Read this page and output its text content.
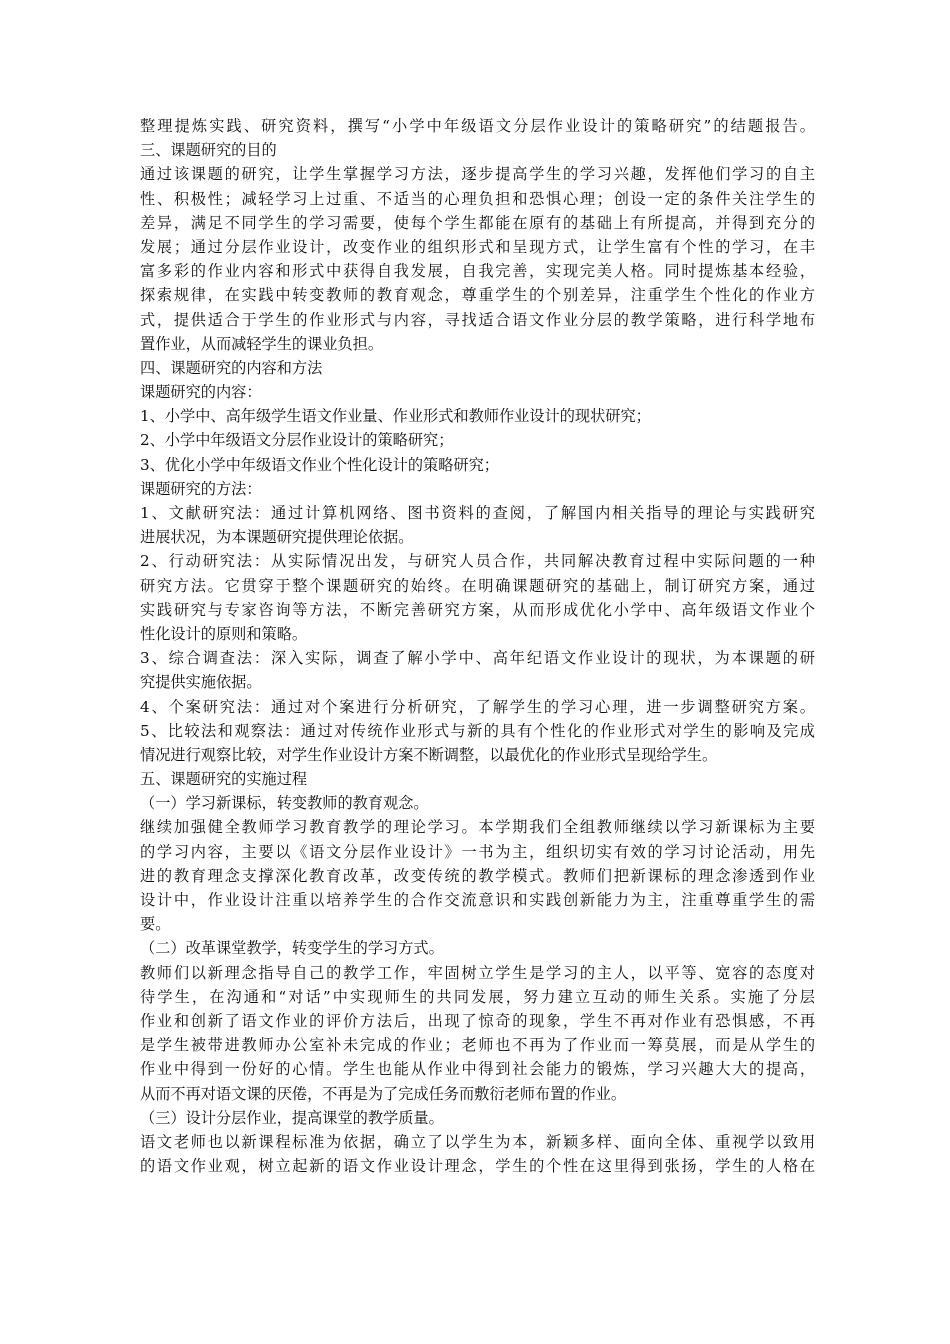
整理提炼实践、研究资料，撰写“小学中年级语文分层作业设计的策略研究”的结题报告。
三、课题研究的目的
通过该课题的研究，让学生掌握学习方法，逐步提高学生的学习兴趣，发挥他们学习的自主
性、积极性；减轻学习上过重、不适当的心理负担和恐惧心理；创设一定的条件关注学生的
差异，满足不同学生的学习需要，使每个学生都能在原有的基础上有所提高，并得到充分的
发展；通过分层作业设计，改变作业的组织形式和呈现方式，让学生富有个性的学习，在丰
富多彩的作业内容和形式中获得自我发展，自我完善，实现完美人格。同时提炼基本经验，
探索规律，在实践中转变教师的教育观念，尊重学生的个别差异，注重学生个性化的作业方
式，提供适合于学生的作业形式与内容，寻找适合语文作业分层的教学策略，进行科学地布
置作业，从而减轻学生的课业负担。
四、课题研究的内容和方法
课题研究的内容：
1、小学中、高年级学生语文作业量、作业形式和教师作业设计的现状研究；
2、小学中年级语文分层作业设计的策略研究；
3、优化小学中年级语文作业个性化设计的策略研究；
课题研究的方法：
1、文献研究法：通过计算机网络、图书资料的查阅，了解国内相关指导的理论与实践研究
进展状况，为本课题研究提供理论依据。
2、行动研究法：从实际情况出发，与研究人员合作，共同解决教育过程中实际问题的一种
研究方法。它贯穿于整个课题研究的始终。在明确课题研究的基础上，制订研究方案，通过
实践研究与专家咨询等方法，不断完善研究方案，从而形成优化小学中、高年级语文作业个
性化设计的原则和策略。
3、综合调查法：深入实际，调查了解小学中、高年纪语文作业设计的现状，为本课题的研
究提供实施依据。
4、个案研究法：通过对个案进行分析研究，了解学生的学习心理，进一步调整研究方案。
5、比较法和观察法：通过对传统作业形式与新的具有个性化的作业形式对学生的影响及完成
情况进行观察比较，对学生作业设计方案不断调整，以最优化的作业形式呈现给学生。
五、课题研究的实施过程
（一）学习新课标，转变教师的教育观念。
继续加强健全教师学习教育教学的理论学习。本学期我们全组教师继续以学习新课标为主要
的学习内容，主要以《语文分层作业设计》一书为主，组织切实有效的学习讨论活动，用先
进的教育理念支撑深化教育改革，改变传统的教学模式。教师们把新课标的理念渗透到作业
设计中，作业设计注重以培养学生的合作交流意识和实践创新能力为主，注重尊重学生的需
要。
（二）改革课堂教学，转变学生的学习方式。
教师们以新理念指导自己的教学工作，牢固树立学生是学习的主人，以平等、宽容的态度对
待学生，在沟通和“对话”中实现师生的共同发展，努力建立互动的师生关系。实施了分层
作业和创新了语文作业的评价方法后，出现了惊奇的现象，学生不再对作业有恐惧感，不再
是学生被带进教师办公室补未完成的作业；老师也不再为了作业而一筹莫展，而是从学生的
作业中得到一份好的心情。学生也能从作业中得到社会能力的锻炼，学习兴趣大大的提高，
从而不再对语文课的厌倦，不再是为了完成任务而敷衍老师布置的作业。
（三）设计分层作业，提高课堂的教学质量。
语文老师也以新课程标准为依据，确立了以学生为本，新颖多样、面向全体、重视学以致用
的语文作业观，树立起新的语文作业设计理念，学生的个性在这里得到张扬，学生的人格在
